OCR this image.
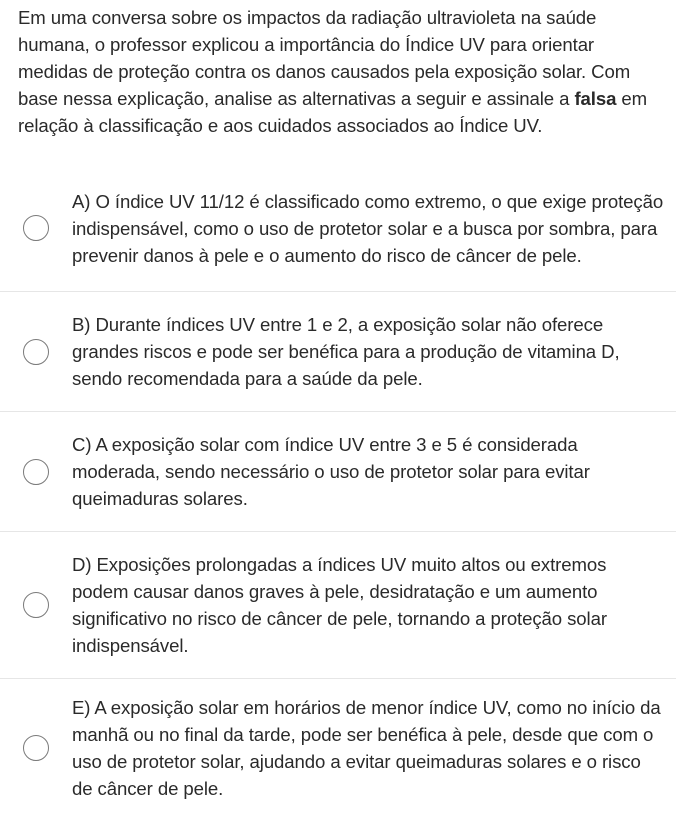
Em uma conversa sobre os impactos da radiação ultravioleta na saúde humana, o professor explicou a importância do Índice UV para orientar medidas de proteção contra os danos causados pela exposição solar. Com base nessa explicação, analise as alternativas a seguir e assinale a falsa em relação à classificação e aos cuidados associados ao Índice UV.

A) O índice UV 11/12 é classificado como extremo, o que exige proteção indispensável, como o uso de protetor solar e a busca por sombra, para prevenir danos à pele e o aumento do risco de câncer de pele.
B) Durante índices UV entre 1 e 2, a exposição solar não oferece grandes riscos e pode ser benéfica para a produção de vitamina D, sendo recomendada para a saúde da pele.
C) A exposição solar com índice UV entre 3 e 5 é considerada moderada, sendo necessário o uso de protetor solar para evitar queimaduras solares.
D) Exposições prolongadas a índices UV muito altos ou extremos podem causar danos graves à pele, desidratação e um aumento significativo no risco de câncer de pele, tornando a proteção solar indispensável.
E) A exposição solar em horários de menor índice UV, como no início da manhã ou no final da tarde, pode ser benéfica à pele, desde que com o uso de protetor solar, ajudando a evitar queimaduras solares e o risco de câncer de pele.
